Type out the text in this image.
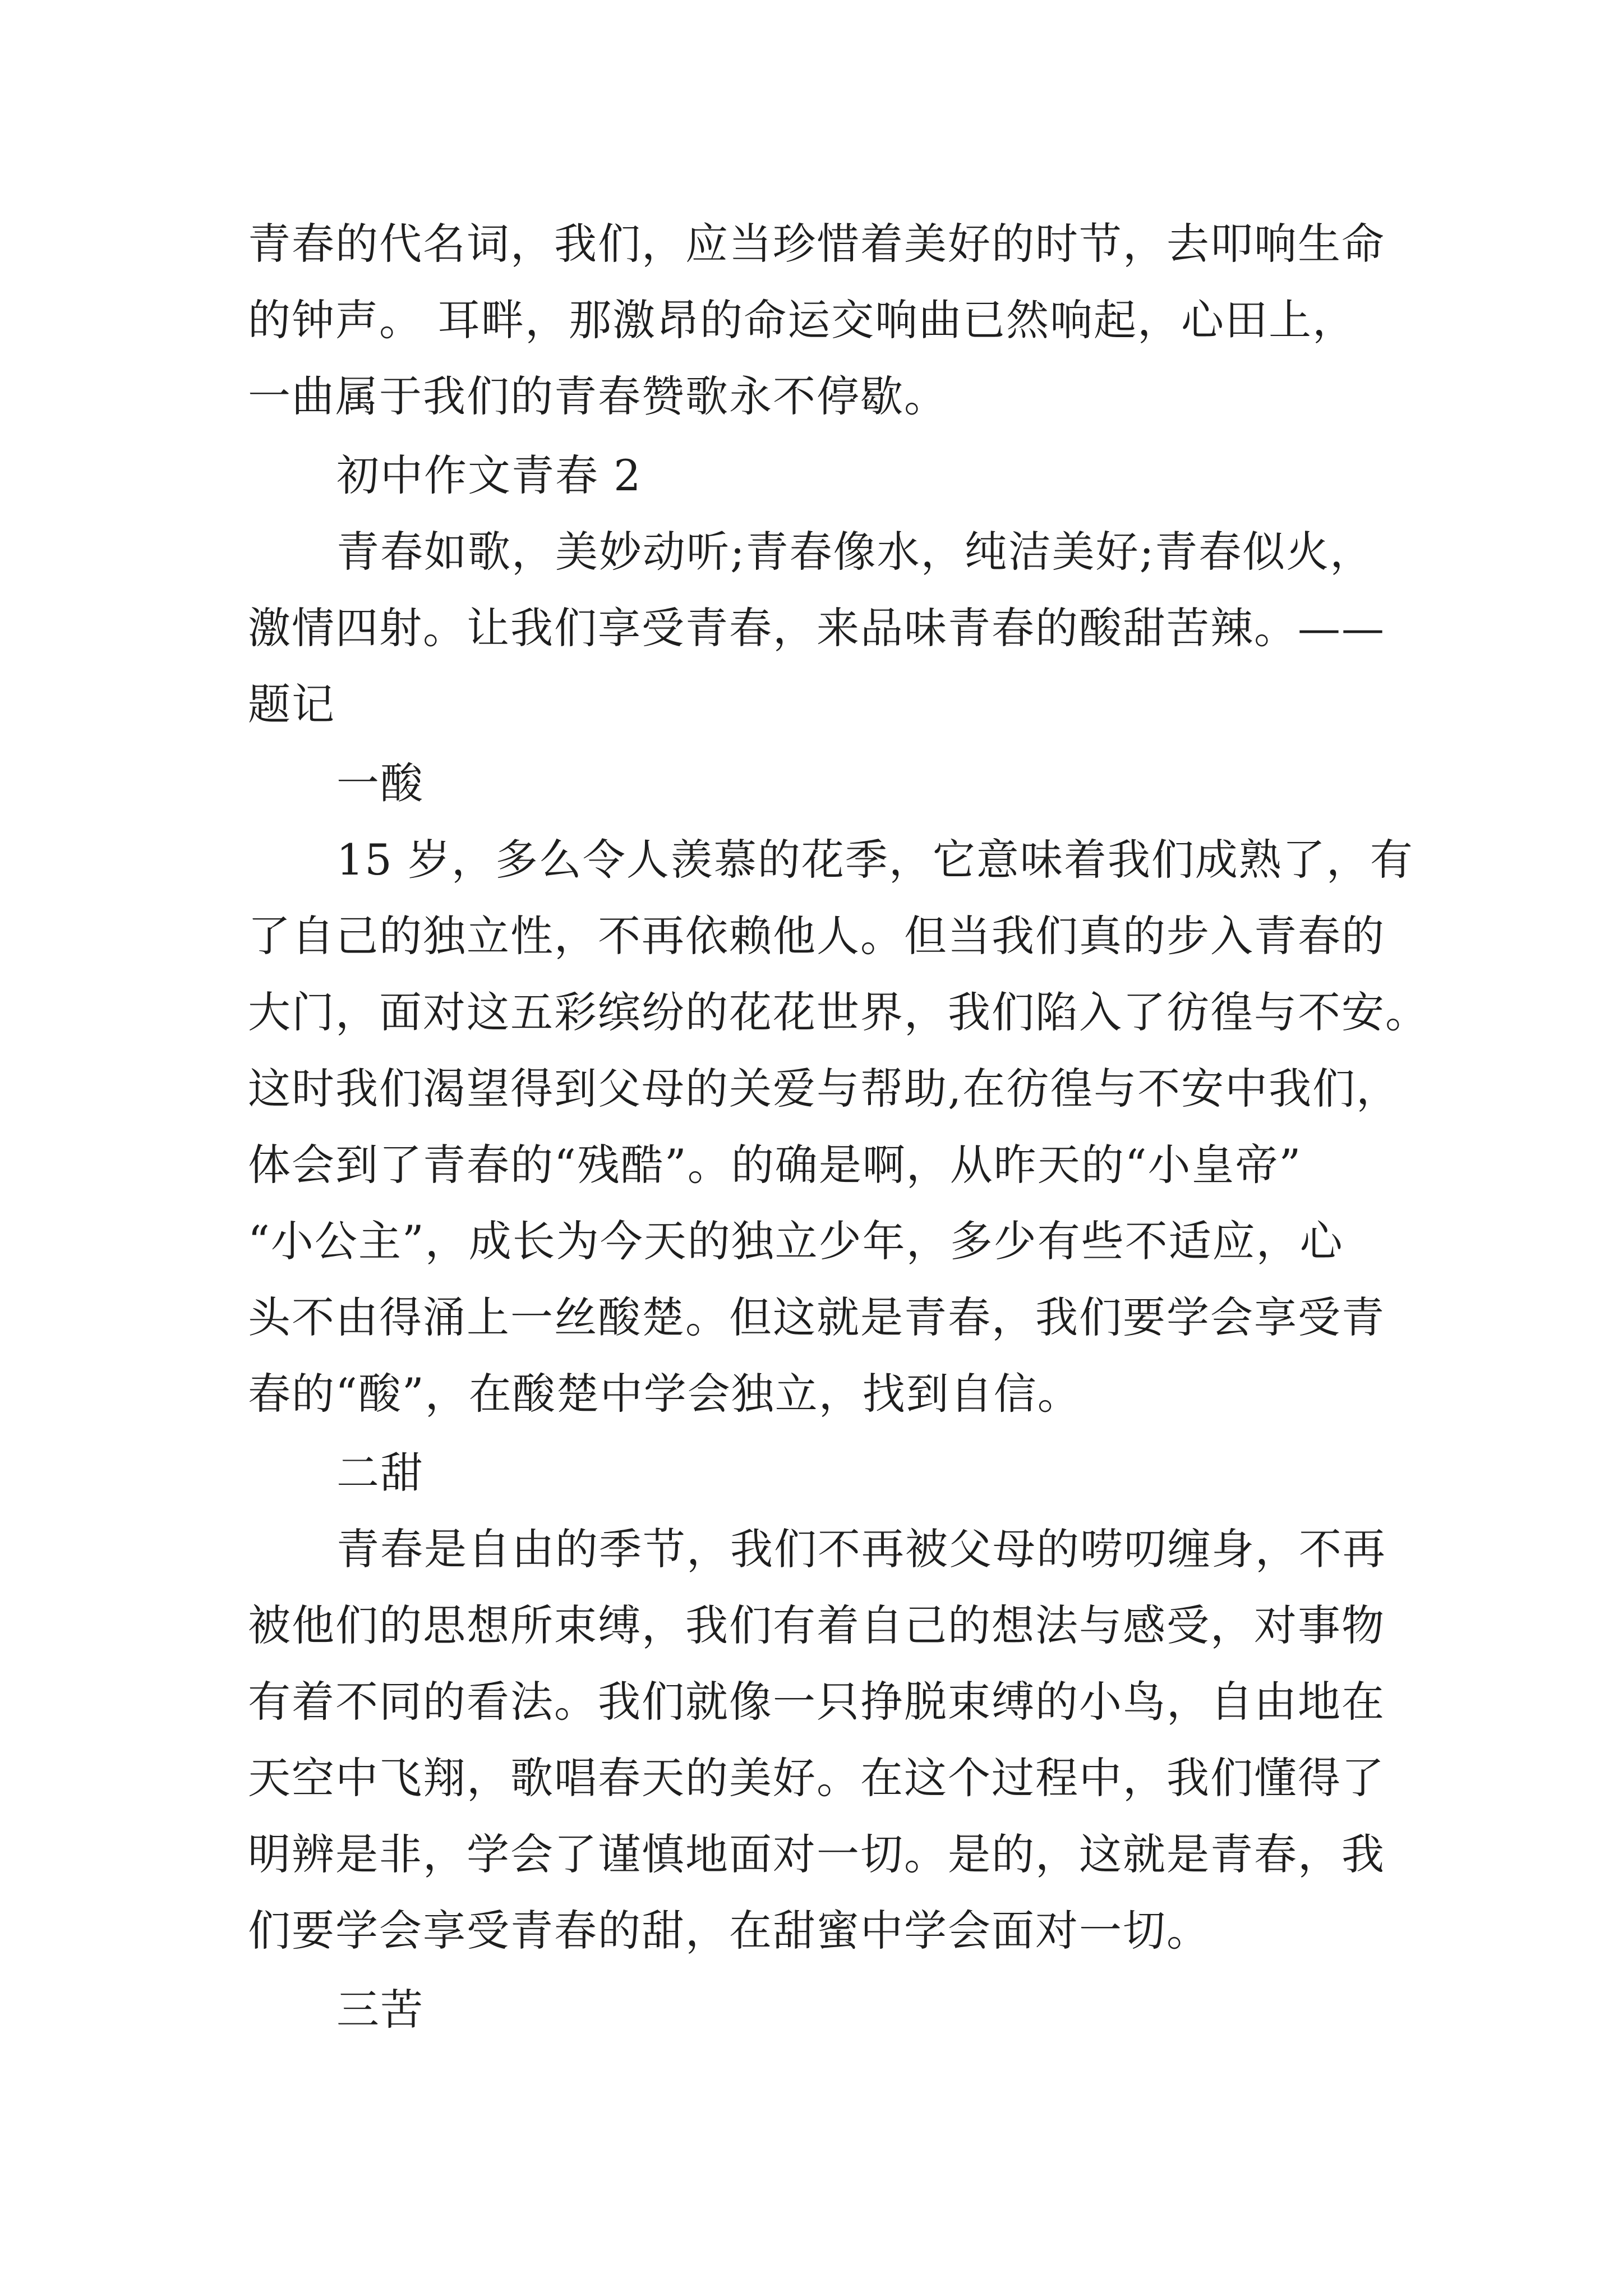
青春的代名词，我们，应当珍惜着美好的时节，去叩响生命
的钟声。 耳畔，那激昂的命运交响曲已然响起，心田上，
一曲属于我们的青春赞歌永不停歇。
初中作文青春 2
青春如歌，美妙动听;青春像水，纯洁美好;青春似火，
激情四射。让我们享受青春，来品味青春的酸甜苦辣。——
题记
一酸
15 岁，多么令人羡慕的花季，它意味着我们成熟了，有
了自己的独立性，不再依赖他人。但当我们真的步入青春的
大门，面对这五彩缤纷的花花世界，我们陷入了彷徨与不安。
这时我们渴望得到父母的关爱与帮助,在彷徨与不安中我们，
体会到了青春的“残酷”。的确是啊，从昨天的“小皇帝”
“小公主”，成长为今天的独立少年，多少有些不适应，心
头不由得涌上一丝酸楚。但这就是青春，我们要学会享受青
春的“酸”，在酸楚中学会独立，找到自信。
二甜
青春是自由的季节，我们不再被父母的唠叨缠身，不再
被他们的思想所束缚，我们有着自己的想法与感受，对事物
有着不同的看法。我们就像一只挣脱束缚的小鸟，自由地在
天空中飞翔，歌唱春天的美好。在这个过程中，我们懂得了
明辨是非，学会了谨慎地面对一切。是的，这就是青春，我
们要学会享受青春的甜，在甜蜜中学会面对一切。
三苦
